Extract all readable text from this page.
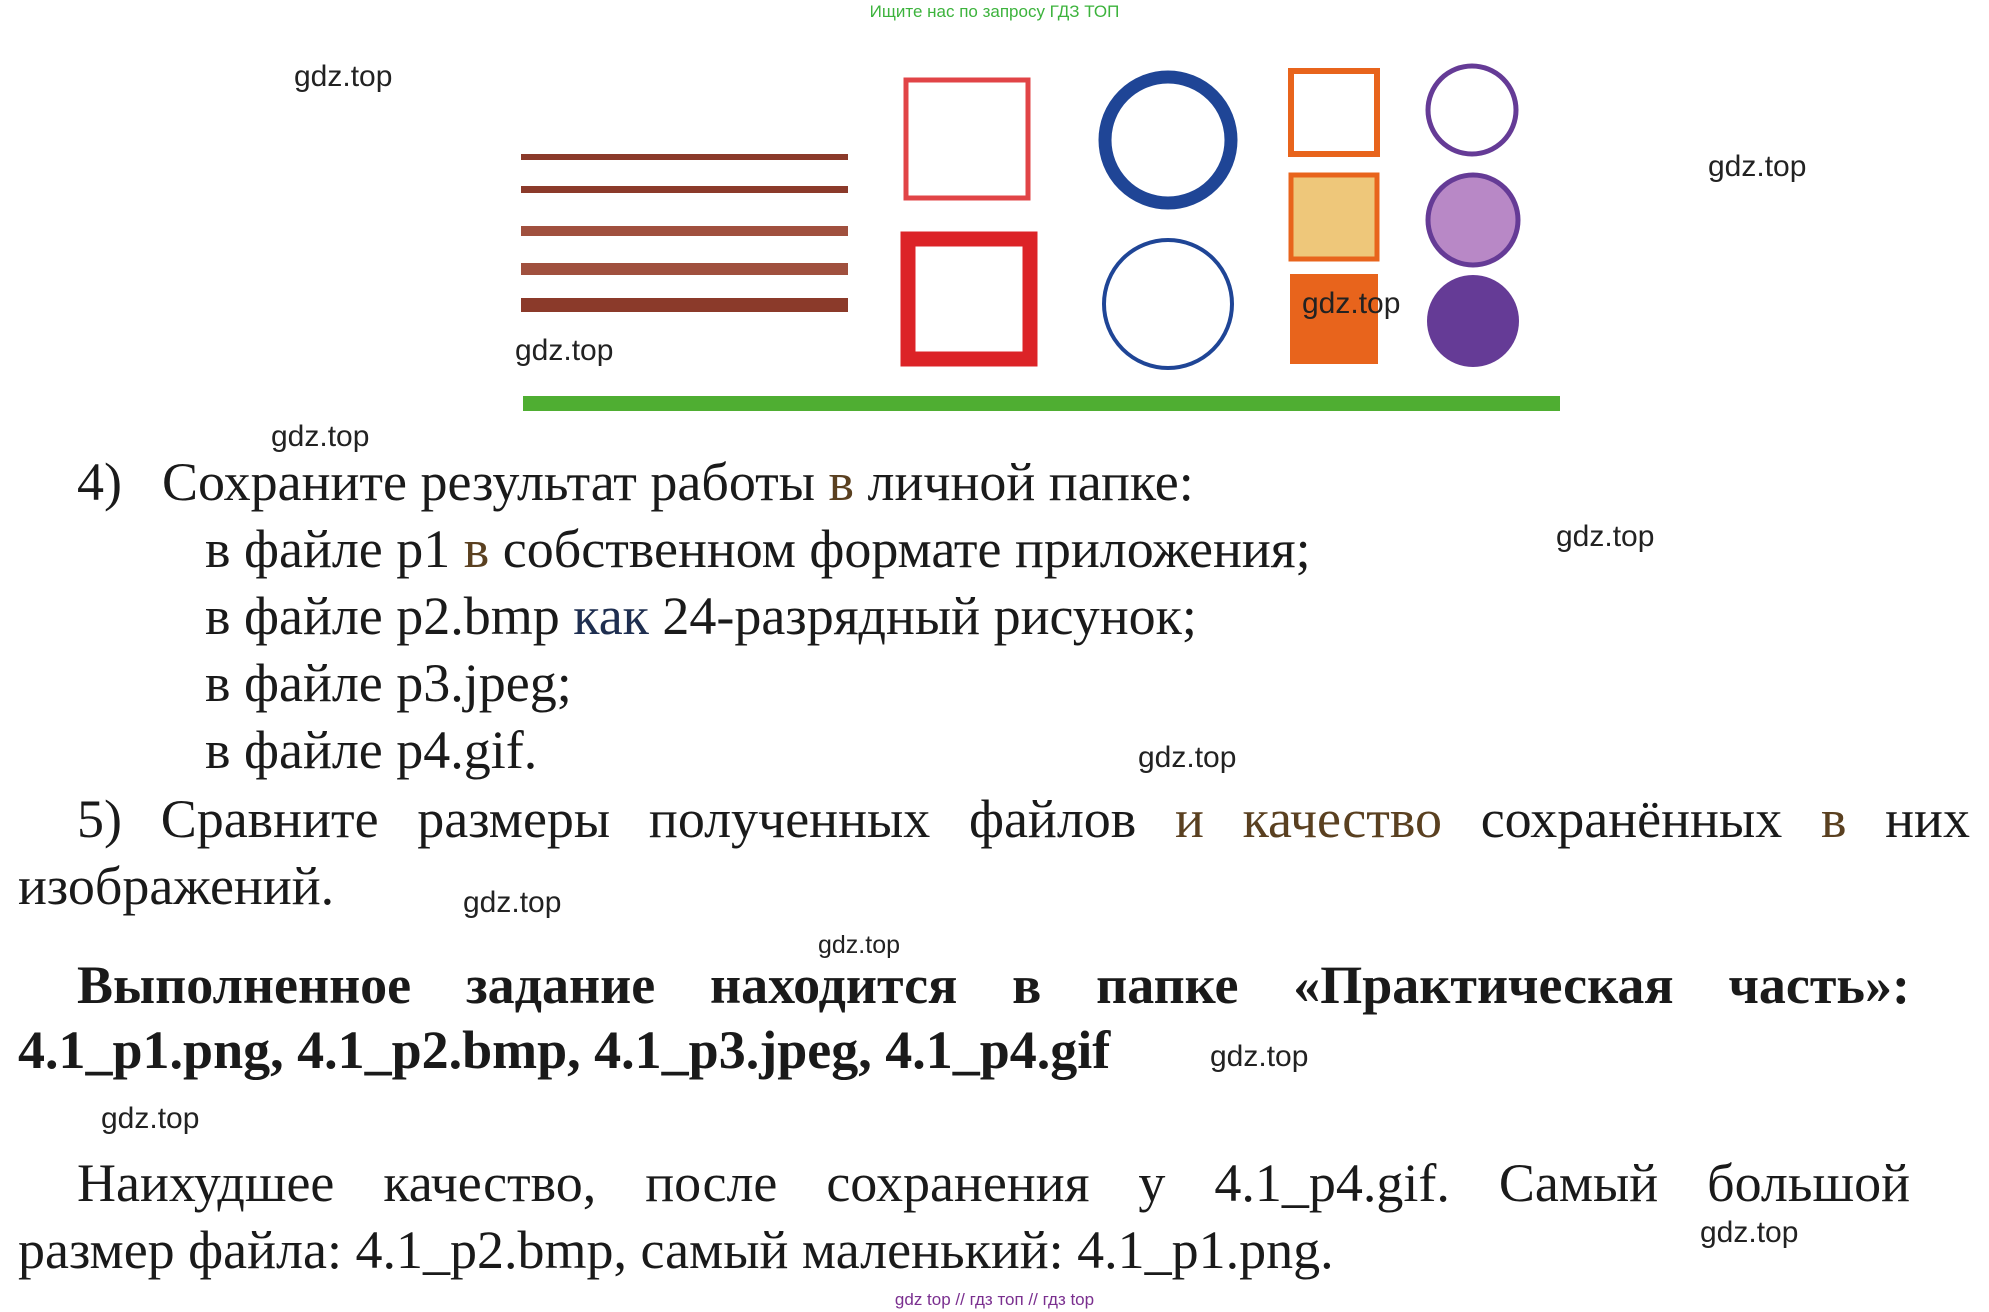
Ищите нас по запросу ГДЗ ТОП
gdz.top
gdz.top
gdz.top
gdz.top
gdz.top
gdz.top
gdz.top
gdz.top
gdz.top
gdz.top
gdz.top
gdz.top
4) Сохраните результат работы в личной папке:
в файле p1 в собственном формате приложения;
в файле p2.bmp как 24-разрядный рисунок;
в файле p3.jpeg;
в файле p4.gif.
5) Сравните размеры полученных файлов и качество сохранённых в них
изображений.
Выполненное задание находится в папке «Практическая часть»:
4.1_p1.png, 4.1_p2.bmp, 4.1_p3.jpeg, 4.1_p4.gif
Наихудшее качество, после сохранения у 4.1_p4.gif. Самый большой
размер файла: 4.1_p2.bmp, самый маленький: 4.1_p1.png.
gdz top // гдз топ // гдз top
